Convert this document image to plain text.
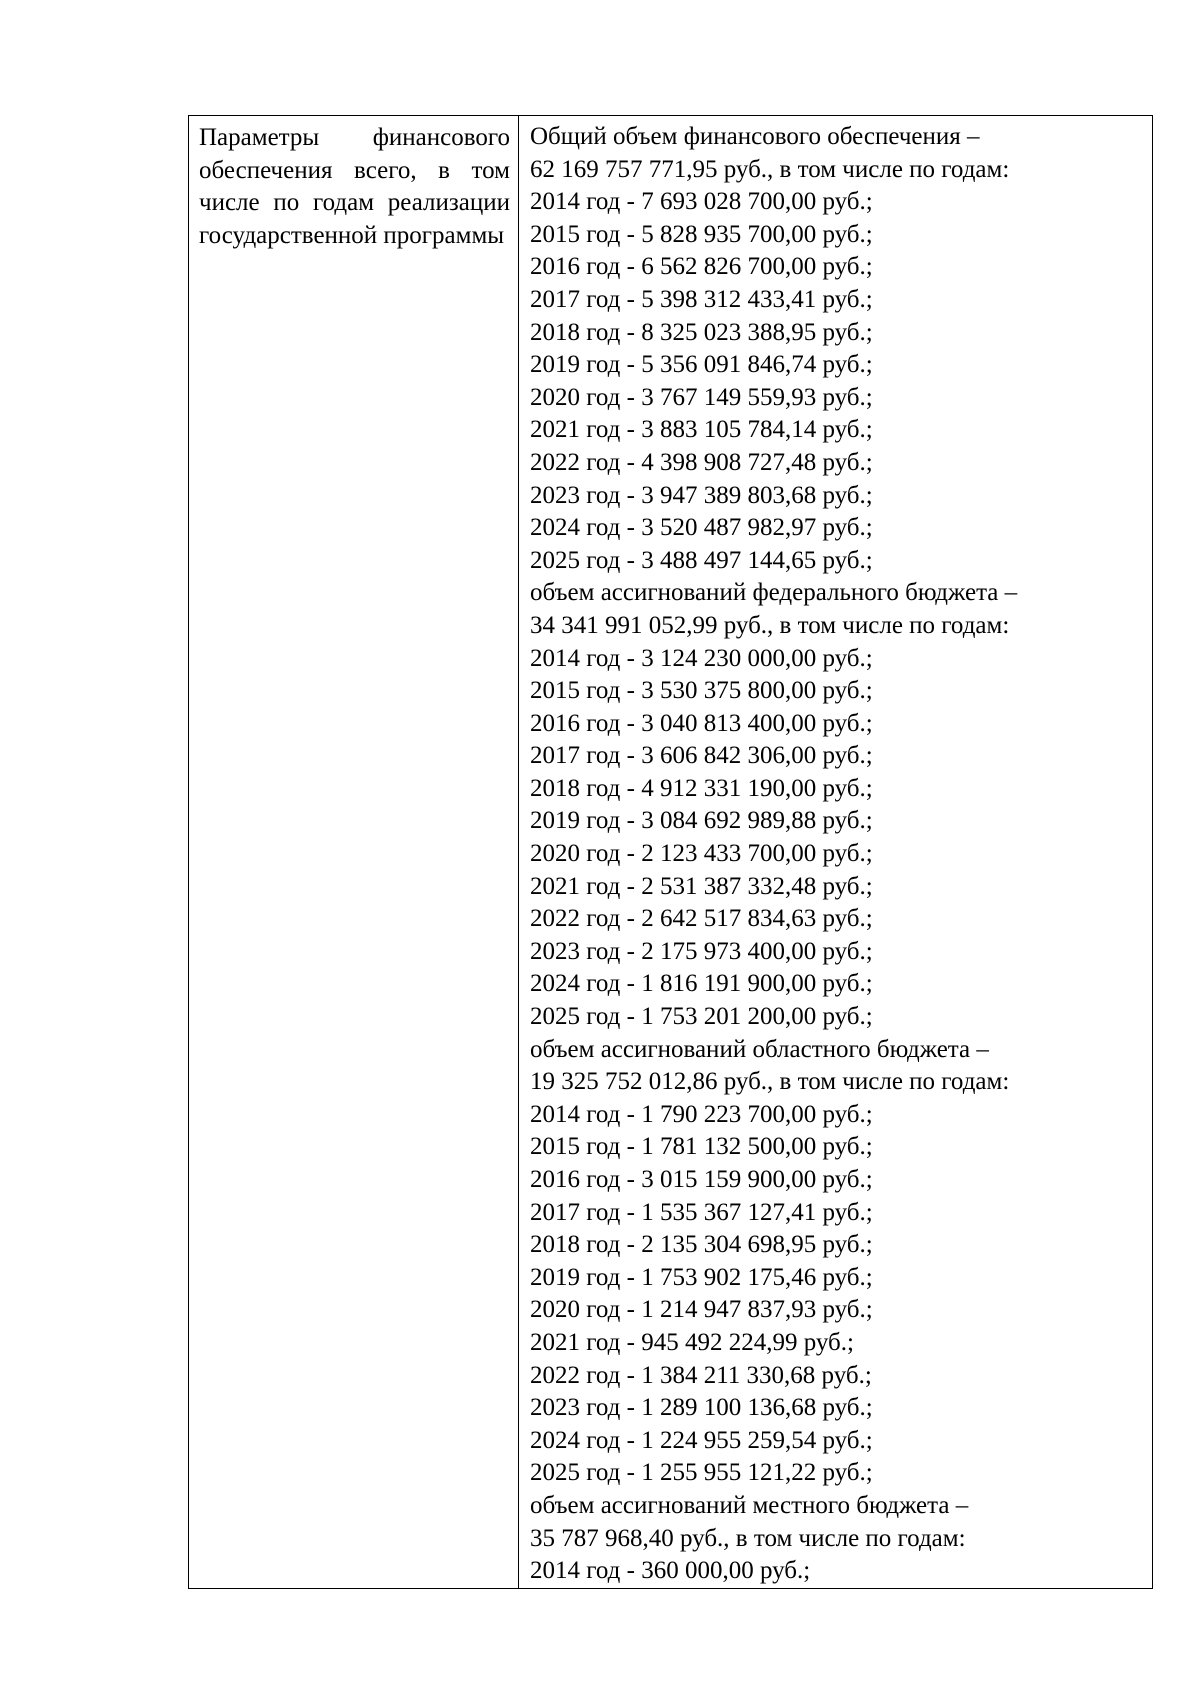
Параметры финансового обеспечения всего, в том числе по годам реализации государственной программы

Общий объем финансового обеспечения –
62 169 757 771,95 руб., в том числе по годам:
2014 год - 7 693 028 700,00 руб.;
2015 год - 5 828 935 700,00 руб.;
2016 год - 6 562 826 700,00 руб.;
2017 год - 5 398 312 433,41 руб.;
2018 год - 8 325 023 388,95 руб.;
2019 год - 5 356 091 846,74 руб.;
2020 год - 3 767 149 559,93 руб.;
2021 год - 3 883 105 784,14 руб.;
2022 год - 4 398 908 727,48 руб.;
2023 год - 3 947 389 803,68 руб.;
2024 год - 3 520 487 982,97 руб.;
2025 год - 3 488 497 144,65 руб.;
объем ассигнований федерального бюджета –
34 341 991 052,99 руб., в том числе по годам:
2014 год - 3 124 230 000,00 руб.;
2015 год - 3 530 375 800,00 руб.;
2016 год - 3 040 813 400,00 руб.;
2017 год - 3 606 842 306,00 руб.;
2018 год - 4 912 331 190,00 руб.;
2019 год - 3 084 692 989,88 руб.;
2020 год - 2 123 433 700,00 руб.;
2021 год - 2 531 387 332,48 руб.;
2022 год - 2 642 517 834,63 руб.;
2023 год - 2 175 973 400,00 руб.;
2024 год - 1 816 191 900,00 руб.;
2025 год - 1 753 201 200,00 руб.;
объем ассигнований областного бюджета –
19 325 752 012,86 руб., в том числе по годам:
2014 год - 1 790 223 700,00 руб.;
2015 год - 1 781 132 500,00 руб.;
2016 год - 3 015 159 900,00 руб.;
2017 год - 1 535 367 127,41 руб.;
2018 год - 2 135 304 698,95 руб.;
2019 год - 1 753 902 175,46 руб.;
2020 год - 1 214 947 837,93 руб.;
2021 год - 945 492 224,99 руб.;
2022 год - 1 384 211 330,68 руб.;
2023 год - 1 289 100 136,68 руб.;
2024 год - 1 224 955 259,54 руб.;
2025 год - 1 255 955 121,22 руб.;
объем ассигнований местного бюджета –
35 787 968,40 руб., в том числе по годам:
2014 год - 360 000,00 руб.;
